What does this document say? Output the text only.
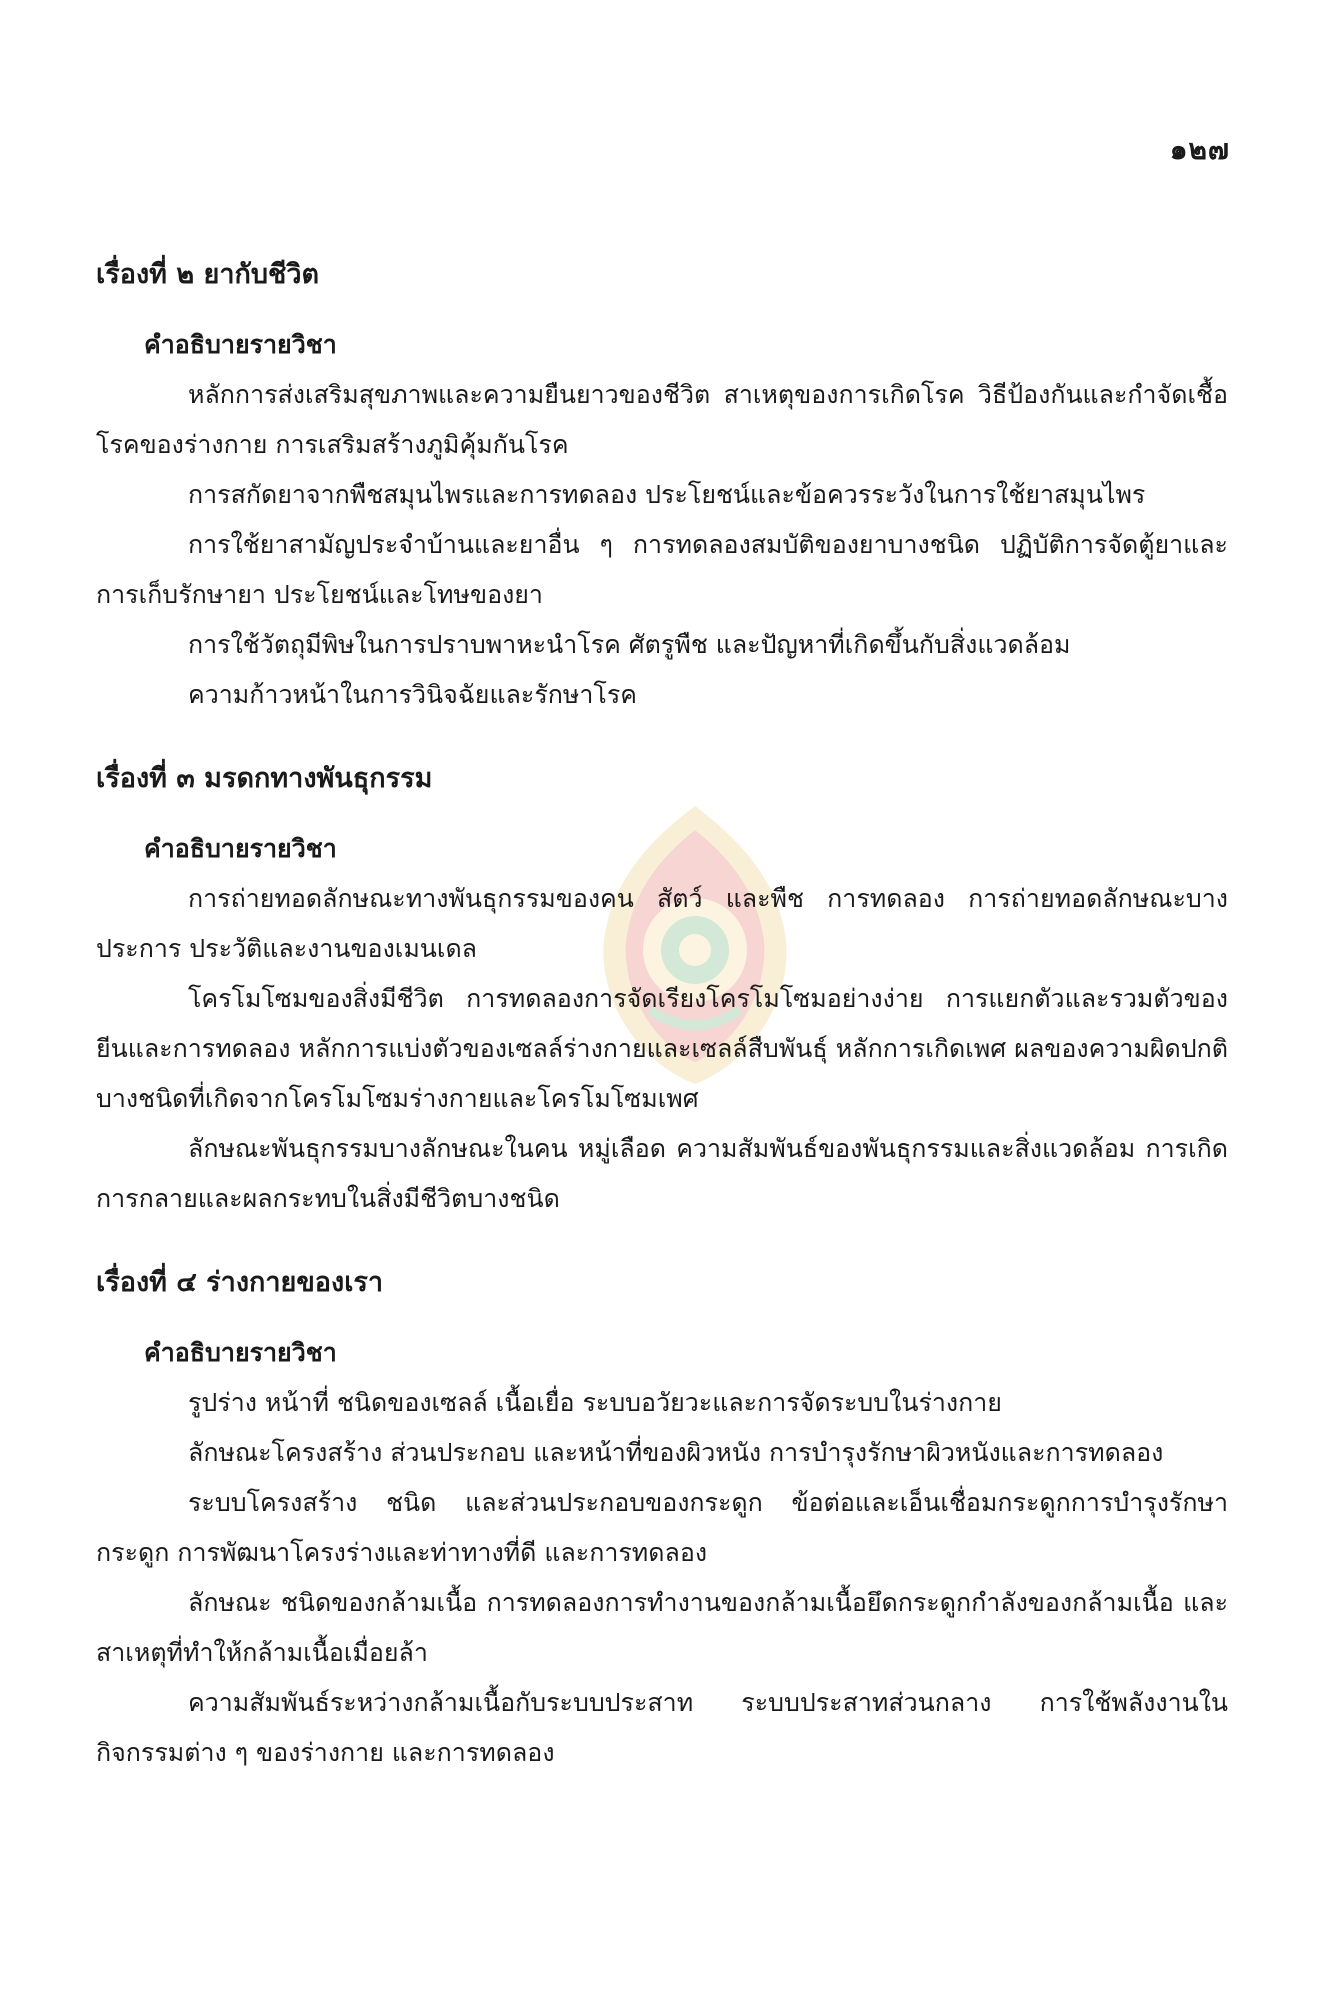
๑๒๗
เรื่องที่ ๒ ยากับชีวิต
คำอธิบายรายวิชา

หลักการส่งเสริมสุขภาพและความยืนยาวของชีวิต สาเหตุของการเกิดโรค วิธีป้องกันและกำจัดเชื้อโรคของร่างกาย การเสริมสร้างภูมิคุ้มกันโรค

การสกัดยาจากพืชสมุนไพรและการทดลอง ประโยชน์และข้อควรระวังในการใช้ยาสมุนไพร

การใช้ยาสามัญประจำบ้านและยาอื่น ๆ การทดลองสมบัติของยาบางชนิด ปฏิบัติการจัดตู้ยาและการเก็บรักษายา ประโยชน์และโทษของยา

การใช้วัตถุมีพิษในการปราบพาหะนำโรค ศัตรูพืช และปัญหาที่เกิดขึ้นกับสิ่งแวดล้อม

ความก้าวหน้าในการวินิจฉัยและรักษาโรค

เรื่องที่ ๓ มรดกทางพันธุกรรม
คำอธิบายรายวิชา

การถ่ายทอดลักษณะทางพันธุกรรมของคน สัตว์ และพืช การทดลอง การถ่ายทอดลักษณะบางประการ ประวัติและงานของเมนเดล

โครโมโซมของสิ่งมีชีวิต การทดลองการจัดเรียงโครโมโซมอย่างง่าย การแยกตัวและรวมตัวของยีนและการทดลอง หลักการแบ่งตัวของเซลล์ร่างกายและเซลล์สืบพันธุ์ หลักการเกิดเพศ ผลของความผิดปกติบางชนิดที่เกิดจากโครโมโซมร่างกายและโครโมโซมเพศ

ลักษณะพันธุกรรมบางลักษณะในคน หมู่เลือด ความสัมพันธ์ของพันธุกรรมและสิ่งแวดล้อม การเกิดการกลายและผลกระทบในสิ่งมีชีวิตบางชนิด

เรื่องที่ ๔ ร่างกายของเรา
คำอธิบายรายวิชา

รูปร่าง หน้าที่ ชนิดของเซลล์ เนื้อเยื่อ ระบบอวัยวะและการจัดระบบในร่างกาย

ลักษณะโครงสร้าง ส่วนประกอบ และหน้าที่ของผิวหนัง การบำรุงรักษาผิวหนังและการทดลอง

ระบบโครงสร้าง ชนิด และส่วนประกอบของกระดูก ข้อต่อและเอ็นเชื่อมกระดูกการบำรุงรักษากระดูก การพัฒนาโครงร่างและท่าทางที่ดี และการทดลอง

ลักษณะ ชนิดของกล้ามเนื้อ การทดลองการทำงานของกล้ามเนื้อยึดกระดูกกำลังของกล้ามเนื้อ และสาเหตุที่ทำให้กล้ามเนื้อเมื่อยล้า

ความสัมพันธ์ระหว่างกล้ามเนื้อกับระบบประสาท ระบบประสาทส่วนกลาง การใช้พลังงานในกิจกรรมต่าง ๆ ของร่างกาย และการทดลอง
